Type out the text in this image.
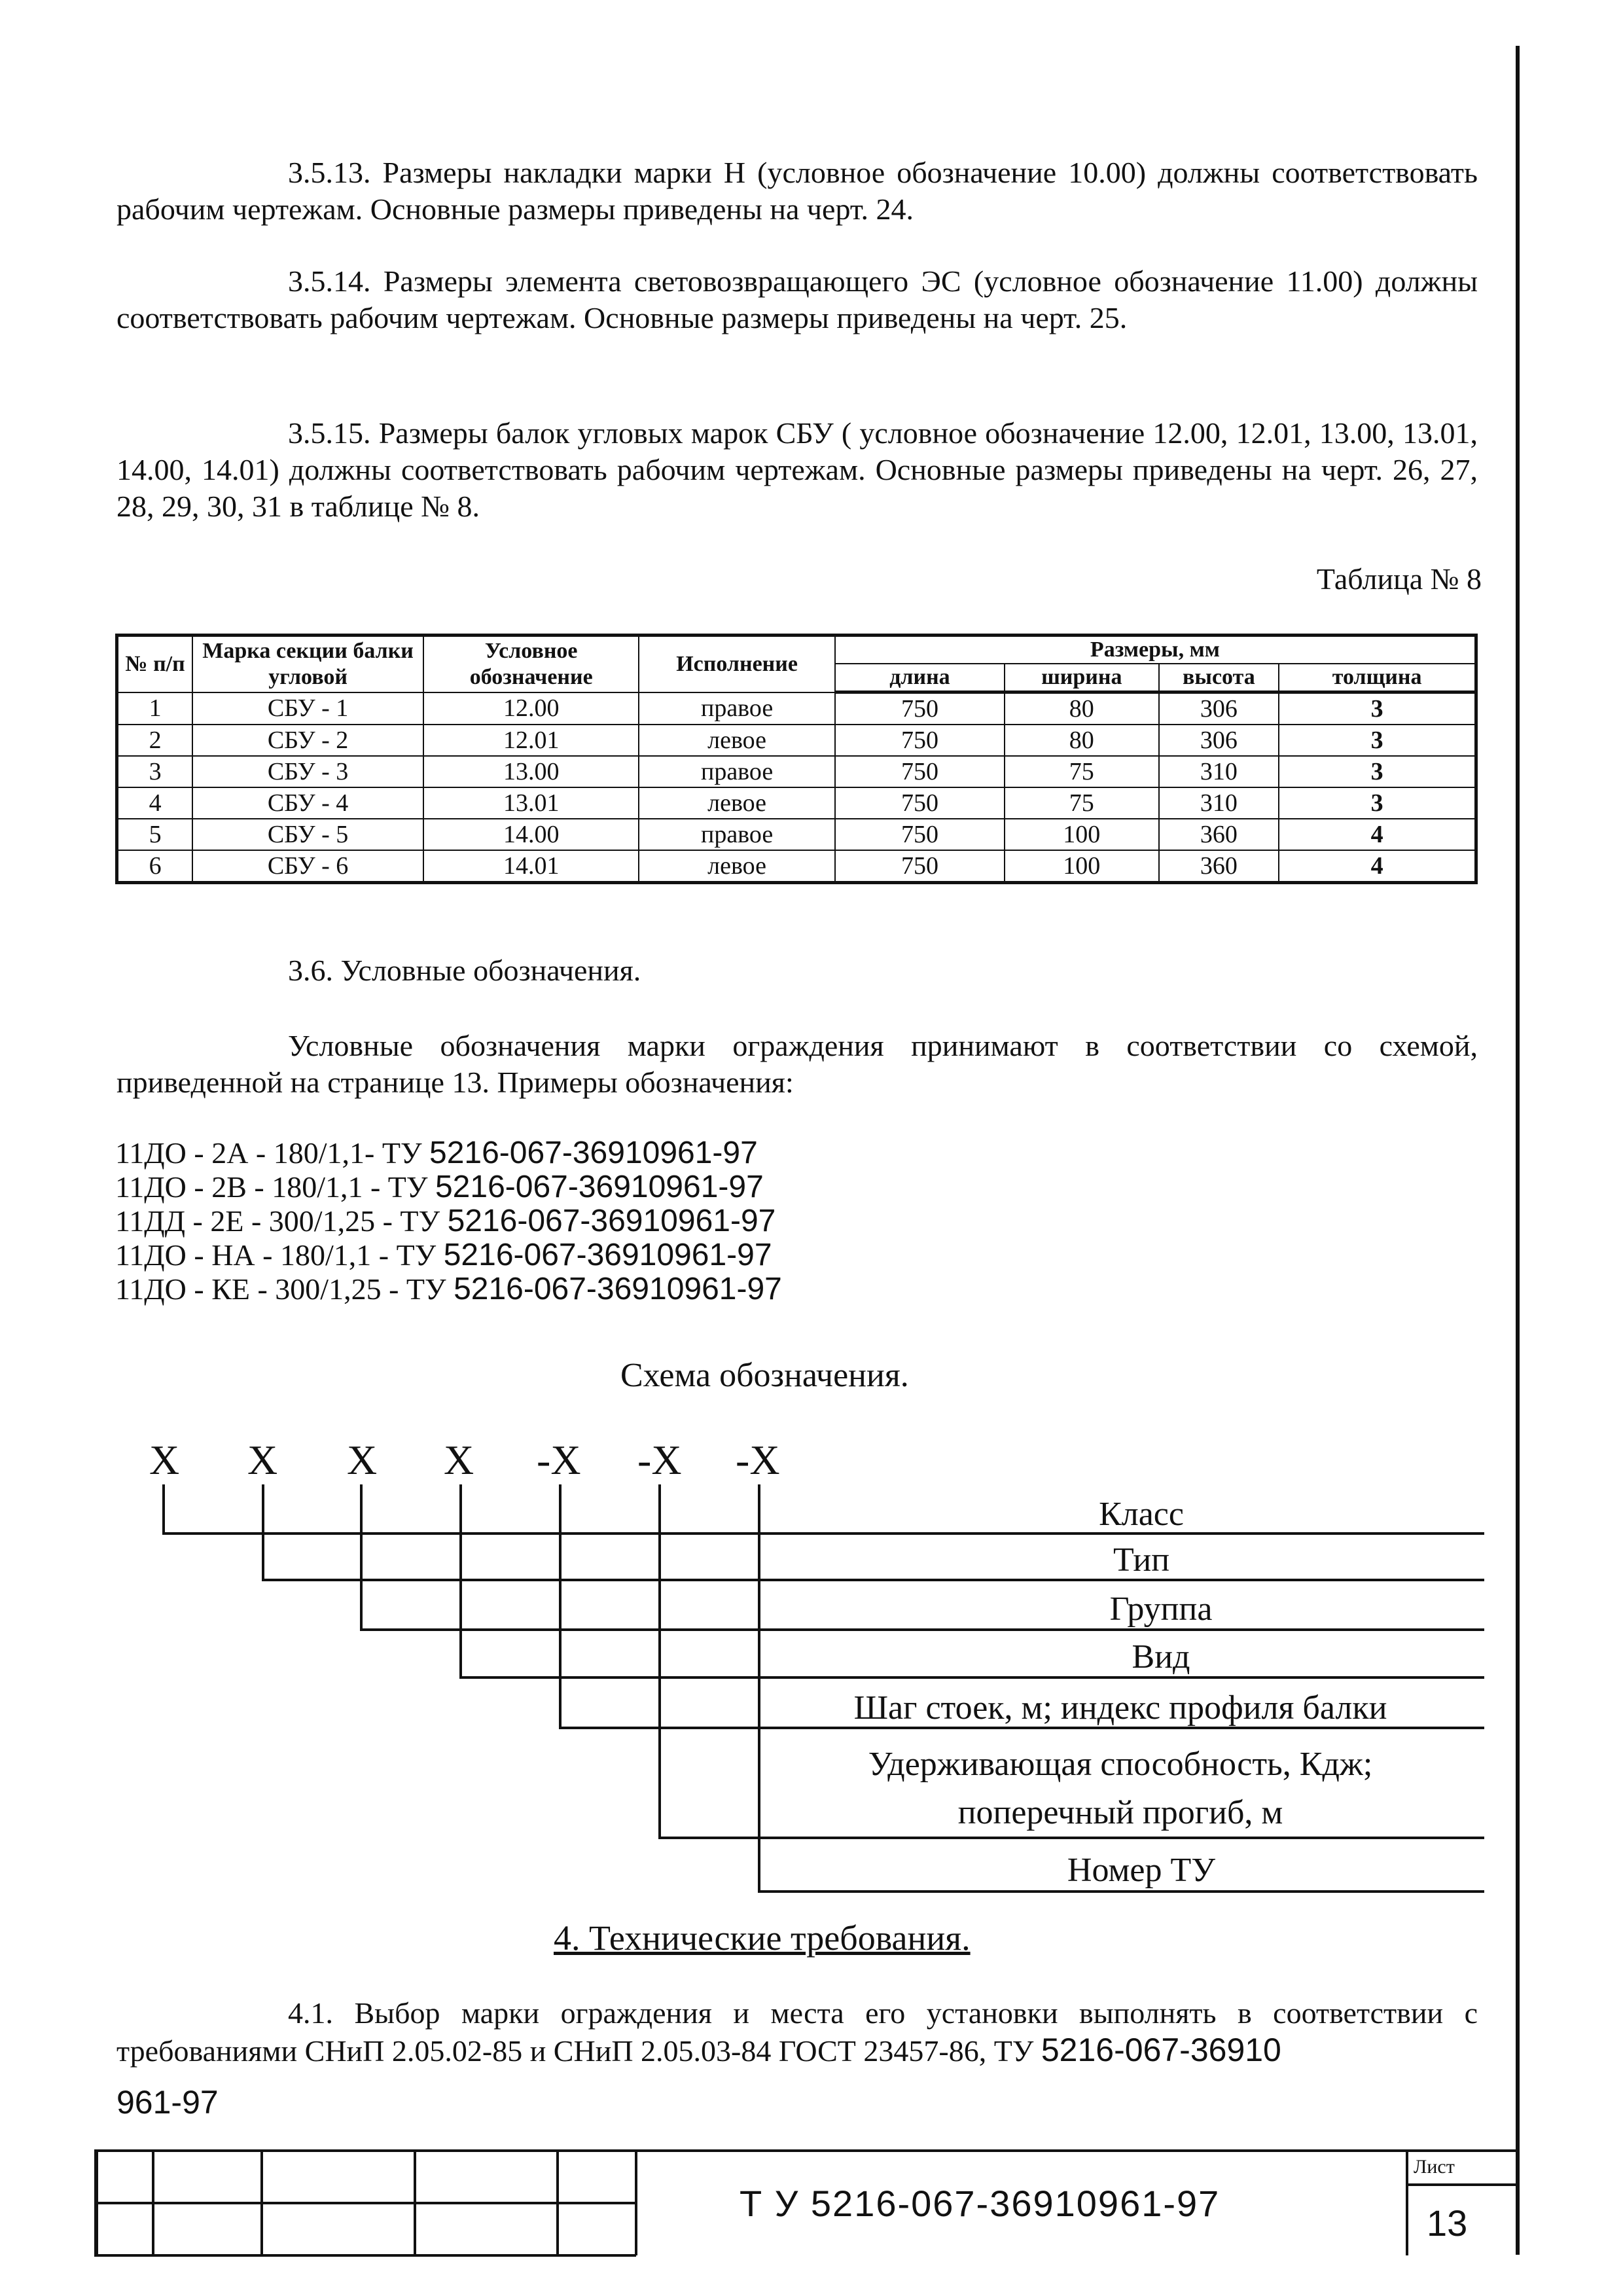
3.5.13. Размеры накладки марки Н (условное обозначение 10.00) должны соответствовать рабочим чертежам. Основные размеры приведены на черт. 24.
3.5.14. Размеры элемента световозвращающего ЭС (условное обозначение 11.00) должны соответствовать рабочим чертежам. Основные размеры приведены на черт. 25.
3.5.15. Размеры балок угловых марок СБУ ( условное обозначение 12.00, 12.01, 13.00, 13.01, 14.00, 14.01) должны соответствовать рабочим чертежам. Основные размеры приведены на черт. 26, 27, 28, 29, 30, 31 в таблице № 8.
Таблица № 8
№ п/п	Марка секции балки угловой	Условное обозначение	Исполнение	Размеры, мм			
				длина	ширина	высота	толщина
1	СБУ - 1	12.00	правое	750	80	306	3
2	СБУ - 2	12.01	левое	750	80	306	3
3	СБУ - 3	13.00	правое	750	75	310	3
4	СБУ - 4	13.01	левое	750	75	310	3
5	СБУ - 5	14.00	правое	750	100	360	4
6	СБУ - 6	14.01	левое	750	100	360	4
3.6. Условные обозначения.
Условные обозначения марки ограждения принимают в соответствии со схемой, приведенной на странице 13. Примеры обозначения:
11ДО - 2А - 180/1,1- ТУ 5216-067-36910961-97
11ДО - 2В - 180/1,1 - ТУ 5216-067-36910961-97
11ДД - 2Е - 300/1,25 - ТУ 5216-067-36910961-97
11ДО - НА - 180/1,1 - ТУ 5216-067-36910961-97
11ДО - КЕ - 300/1,25 - ТУ 5216-067-36910961-97
Схема обозначения.
X X X X -X -X -X
Класс
Тип
Группа
Вид
Шаг стоек, м; индекс профиля балки
Удерживающая способность, Кдж;
поперечный прогиб, м
Номер ТУ
4. Технические требования.
4.1. Выбор марки ограждения и места его установки выполнять в соответствии с требованиями СНиП 2.05.02-85 и СНиП 2.05.03-84 ГОСТ 23457-86, ТУ 5216-067-36910
961-97
Т У 5216-067-36910961-97
Лист
13
